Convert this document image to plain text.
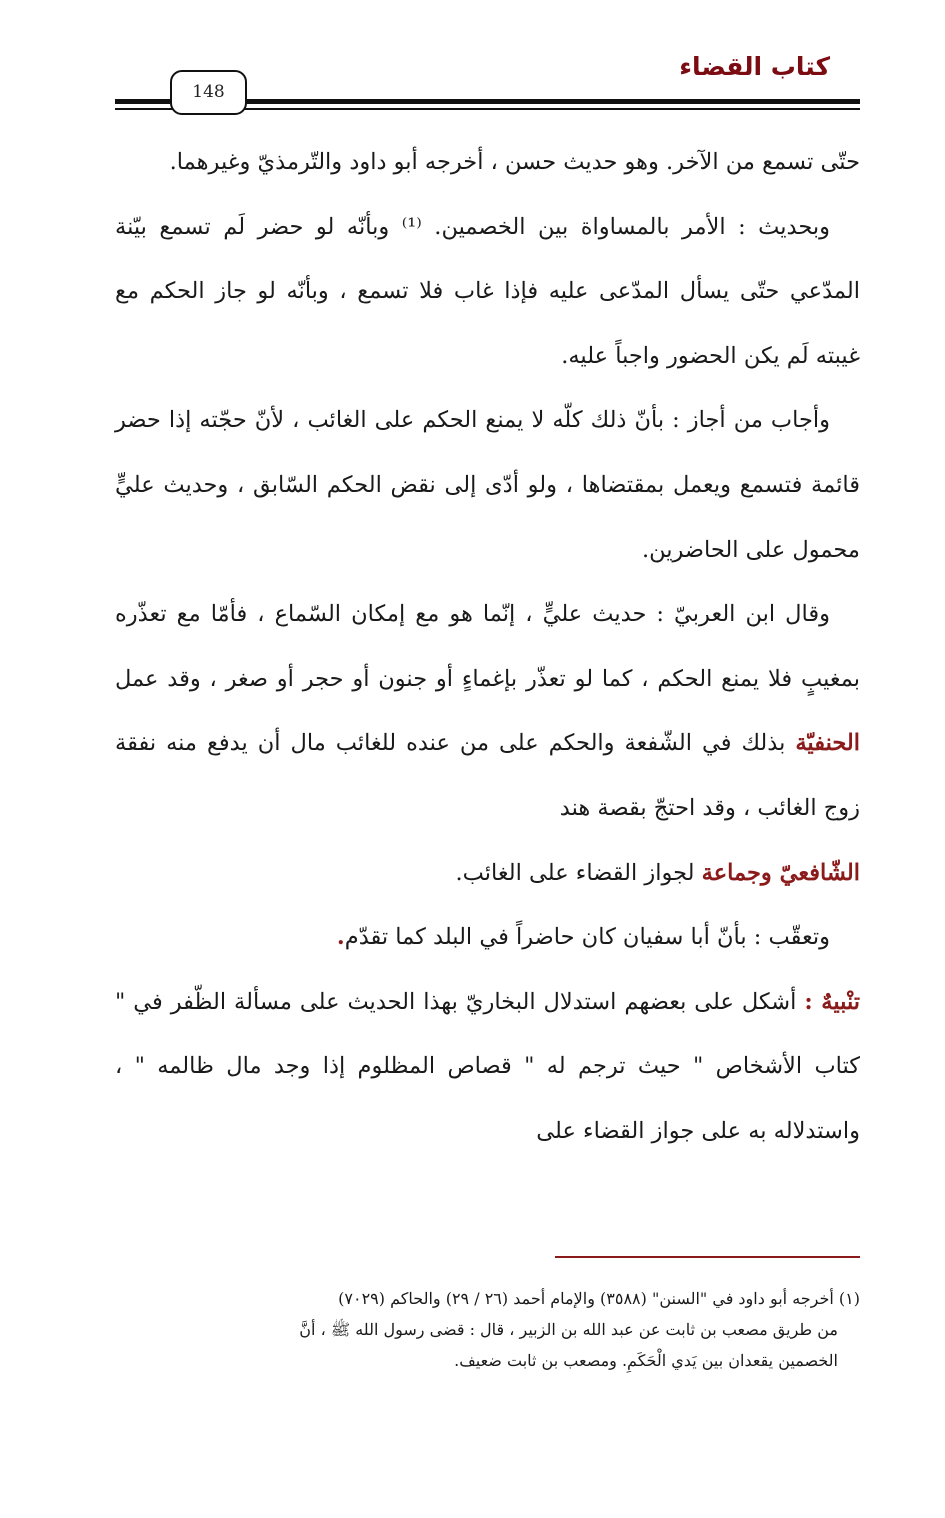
كتاب القضاء
148

حتّى تسمع من الآخر. وهو حديث حسن ، أخرجه أبو داود والتّرمذيّ وغيرهما.

وبحديث : الأمر بالمساواة بين الخصمين. ⁽¹⁾ وبأنّه لو حضر لَم تسمع بيّنة المدّعي حتّى يسأل المدّعى عليه فإذا غاب فلا تسمع ، وبأنّه لو جاز الحكم مع غيبته لَم يكن الحضور واجباً عليه.

وأجاب من أجاز : بأنّ ذلك كلّه لا يمنع الحكم على الغائب ، لأنّ حجّته إذا حضر قائمة فتسمع ويعمل بمقتضاها ، ولو أدّى إلى نقض الحكم السّابق ، وحديث عليٍّ محمول على الحاضرين.

وقال ابن العربيّ : حديث عليٍّ ، إنّما هو مع إمكان السّماع ، فأمّا مع تعذّره بمغيبٍ فلا يمنع الحكم ، كما لو تعذّر بإغماءٍ أو جنون أو حجر أو صغر ، وقد عمل الحنفيّة بذلك في الشّفعة والحكم على من عنده للغائب مال أن يدفع منه نفقة زوج الغائب ، وقد احتجّ بقصة هند
الشّافعيّ وجماعة لجواز القضاء على الغائب.

وتعقّب : بأنّ أبا سفيان كان حاضراً في البلد كما تقدّم.

تنْبيهٌ : أشكل على بعضهم استدلال البخاريّ بهذا الحديث على مسألة الظّفر في " كتاب الأشخاص " حيث ترجم له " قصاص المظلوم إذا وجد مال ظالمه " ، واستدلاله به على جواز القضاء على

(١) أخرجه أبو داود في "السنن" (٣٥٨٨) والإمام أحمد (٢٦ / ٢٩) والحاكم (٧٠٢٩)

من طريق مصعب بن ثابت عن عبد الله بن الزبير ، قال : قضى رسول الله ﷺ ، أنَّ

الخصمين يقعدان بين يَدي الْحَكَمِ. ومصعب بن ثابت ضعيف.
